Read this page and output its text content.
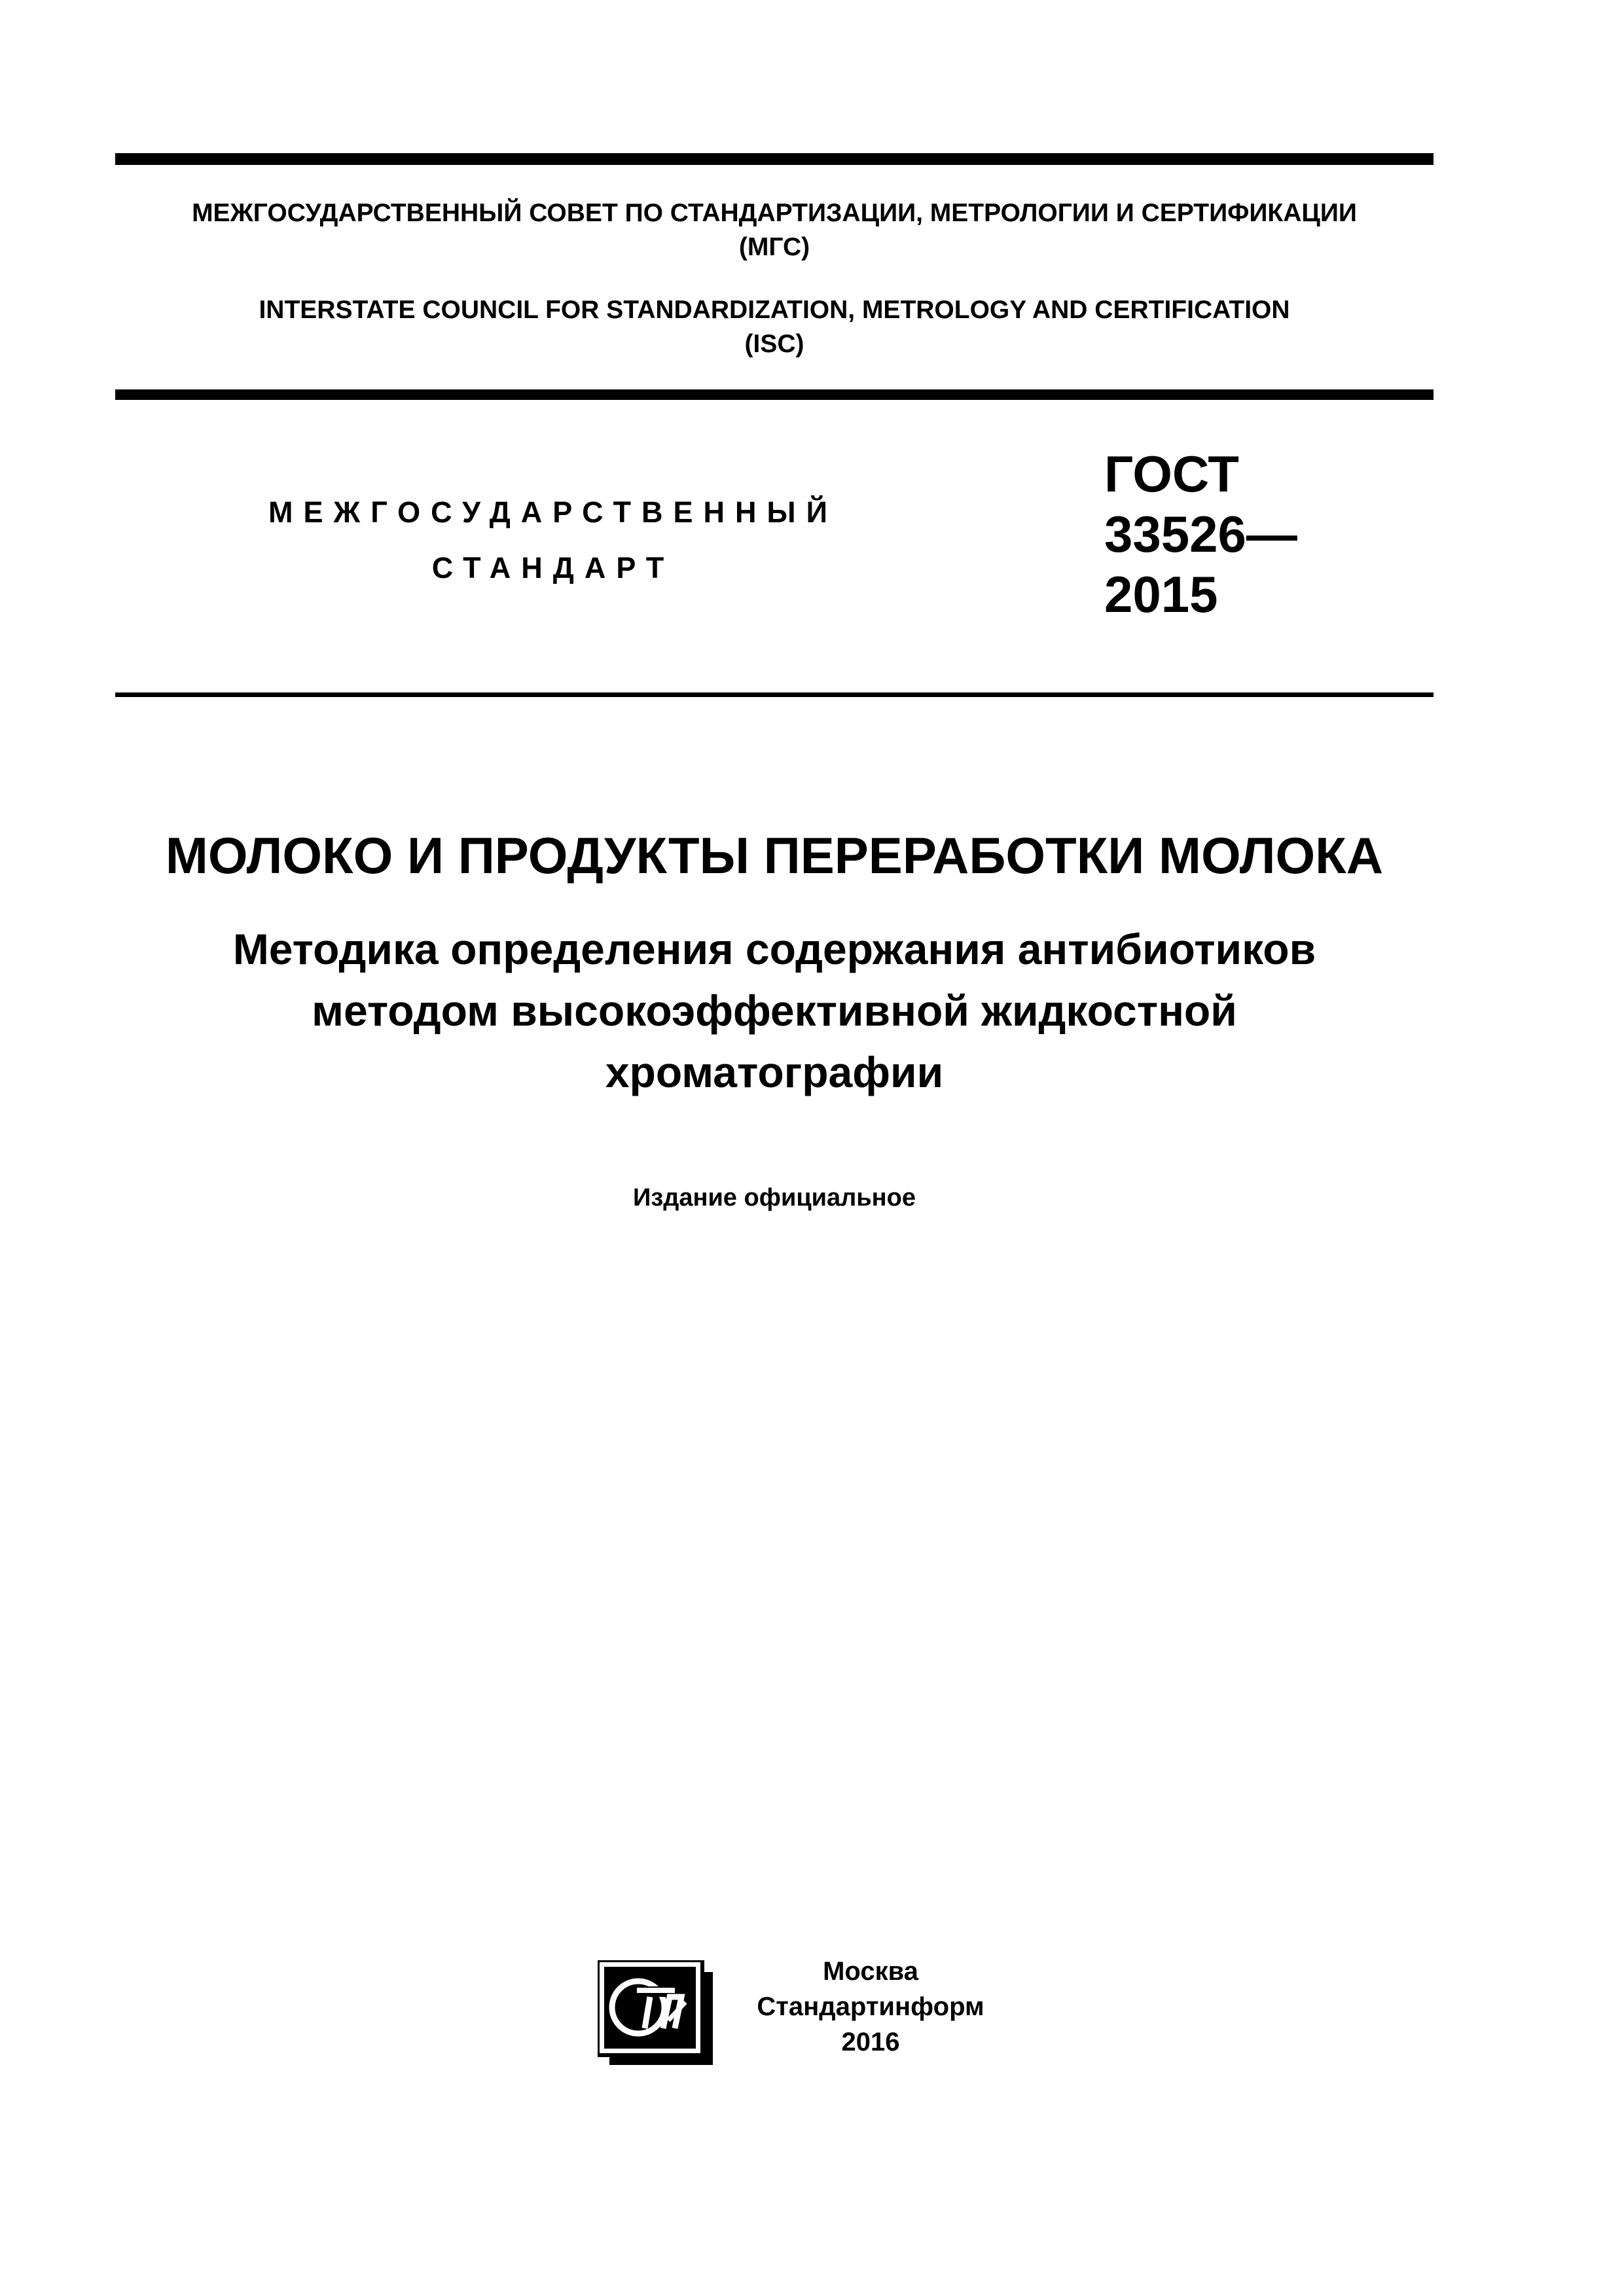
МЕЖГОСУДАРСТВЕННЫЙ СОВЕТ ПО СТАНДАРТИЗАЦИИ, МЕТРОЛОГИИ И СЕРТИФИКАЦИИ
(МГС)
INTERSTATE COUNCIL FOR STANDARDIZATION, METROLOGY AND CERTIFICATION
(ISC)
МЕЖГОСУДАРСТВЕННЫЙ
СТАНДАРТ
ГОСТ
33526—
2015
МОЛОКО И ПРОДУКТЫ ПЕРЕРАБОТКИ МОЛОКА
Методика определения содержания антибиотиков
методом высокоэффективной жидкостной
хроматографии
Издание официальное
Москва
Стандартинформ
2016
